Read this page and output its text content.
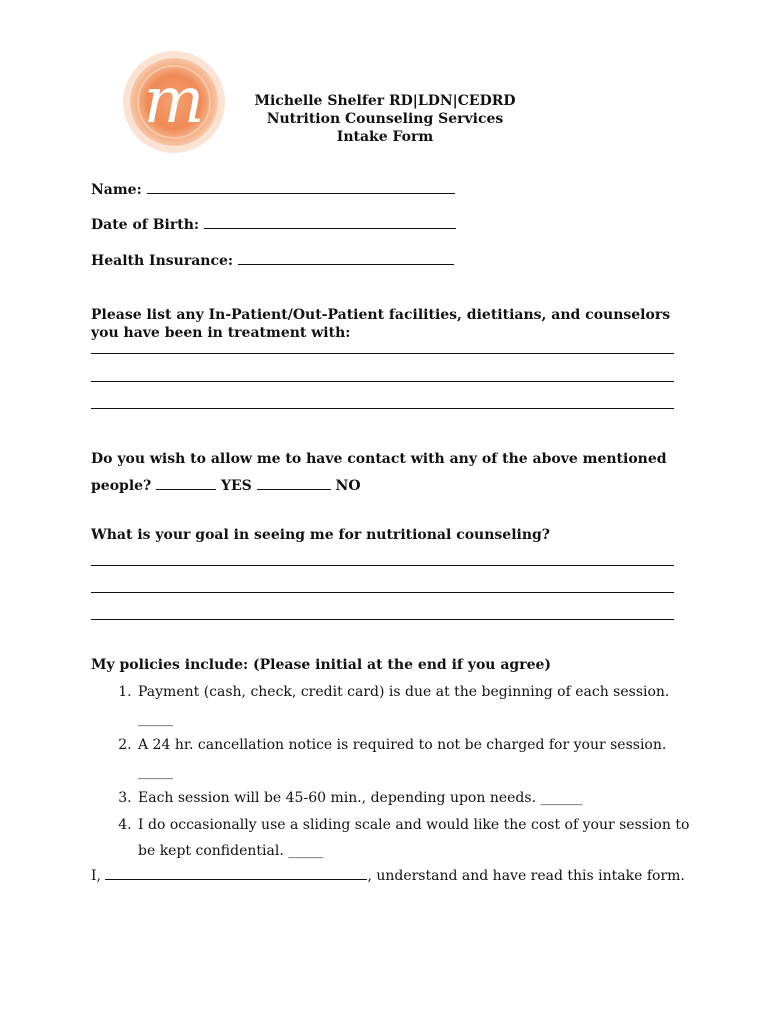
m	Michelle Shelfer RD|LDN|CEDRD
Nutrition Counseling Services
Intake Form
Name:
Date of Birth:
Health Insurance:
Please list any In-Patient/Out-Patient facilities, dietitians, and counselors you have been in treatment with:
Do you wish to allow me to have contact with any of the above mentioned people?	YES	NO
What is your goal in seeing me for nutritional counseling?
My policies include: (Please initial at the end if you agree)
1. Payment (cash, check, credit card) is due at the beginning of each session. _____
2. A 24 hr. cancellation notice is required to not be charged for your session. _____
3. Each session will be 45-60 min., depending upon needs. ______
4. I do occasionally use a sliding scale and would like the cost of your session to be kept confidential. _____
I,	, understand and have read this intake form.
